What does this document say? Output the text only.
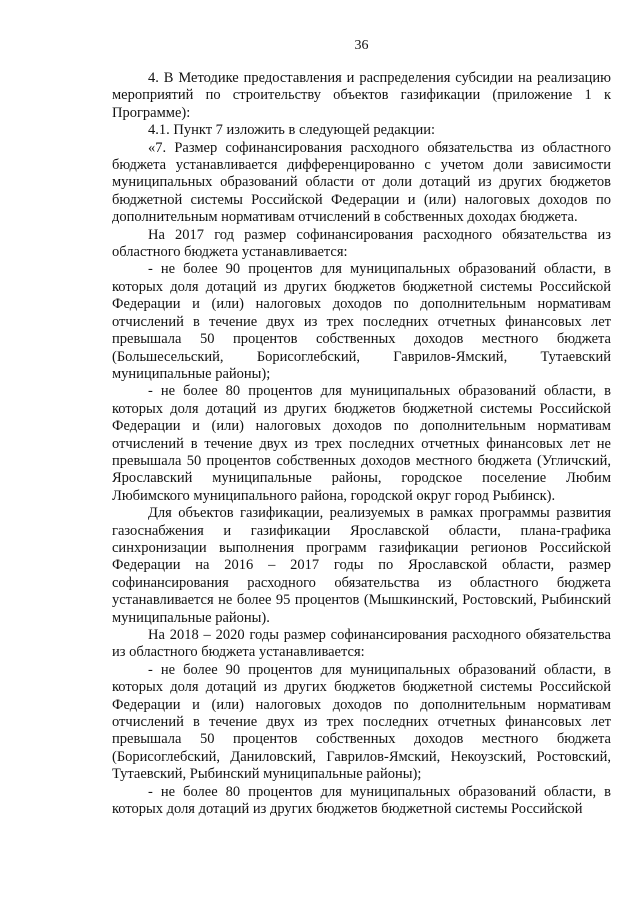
36

4. В Методике предоставления и распределения субсидии на реализацию мероприятий по строительству объектов газификации (приложение 1 к Программе):

4.1. Пункт 7 изложить в следующей редакции:

«7. Размер софинансирования расходного обязательства из областного бюджета устанавливается дифференцированно с учетом доли зависимости муниципальных образований области от доли дотаций из других бюджетов бюджетной системы Российской Федерации и (или) налоговых доходов по дополнительным нормативам отчислений в собственных доходах бюджета.

На 2017 год размер софинансирования расходного обязательства из областного бюджета устанавливается:

- не более 90 процентов для муниципальных образований области, в которых доля дотаций из других бюджетов бюджетной системы Российской Федерации и (или) налоговых доходов по дополнительным нормативам отчислений в течение двух из трех последних отчетных финансовых лет превышала 50 процентов собственных доходов местного бюджета (Большесельский, Борисоглебский, Гаврилов-Ямский, Тутаевский муниципальные районы);

- не более 80 процентов для муниципальных образований области, в которых доля дотаций из других бюджетов бюджетной системы Российской Федерации и (или) налоговых доходов по дополнительным нормативам отчислений в течение двух из трех последних отчетных финансовых лет не превышала 50 процентов собственных доходов местного бюджета (Угличский, Ярославский муниципальные районы, городское поселение Любим Любимского муниципального района, городской округ город Рыбинск).

Для объектов газификации, реализуемых в рамках программы развития газоснабжения и газификации Ярославской области, плана-графика синхронизации выполнения программ газификации регионов Российской Федерации на 2016 – 2017 годы по Ярославской области, размер софинансирования расходного обязательства из областного бюджета устанавливается не более 95 процентов (Мышкинский, Ростовский, Рыбинский муниципальные районы).

На 2018 – 2020 годы размер софинансирования расходного обязательства из областного бюджета устанавливается:

- не более 90 процентов для муниципальных образований области, в которых доля дотаций из других бюджетов бюджетной системы Российской Федерации и (или) налоговых доходов по дополнительным нормативам отчислений в течение двух из трех последних отчетных финансовых лет превышала 50 процентов собственных доходов местного бюджета (Борисоглебский, Даниловский, Гаврилов-Ямский, Некоузский, Ростовский, Тутаевский, Рыбинский муниципальные районы);

- не более 80 процентов для муниципальных образований области, в которых доля дотаций из других бюджетов бюджетной системы Российской
